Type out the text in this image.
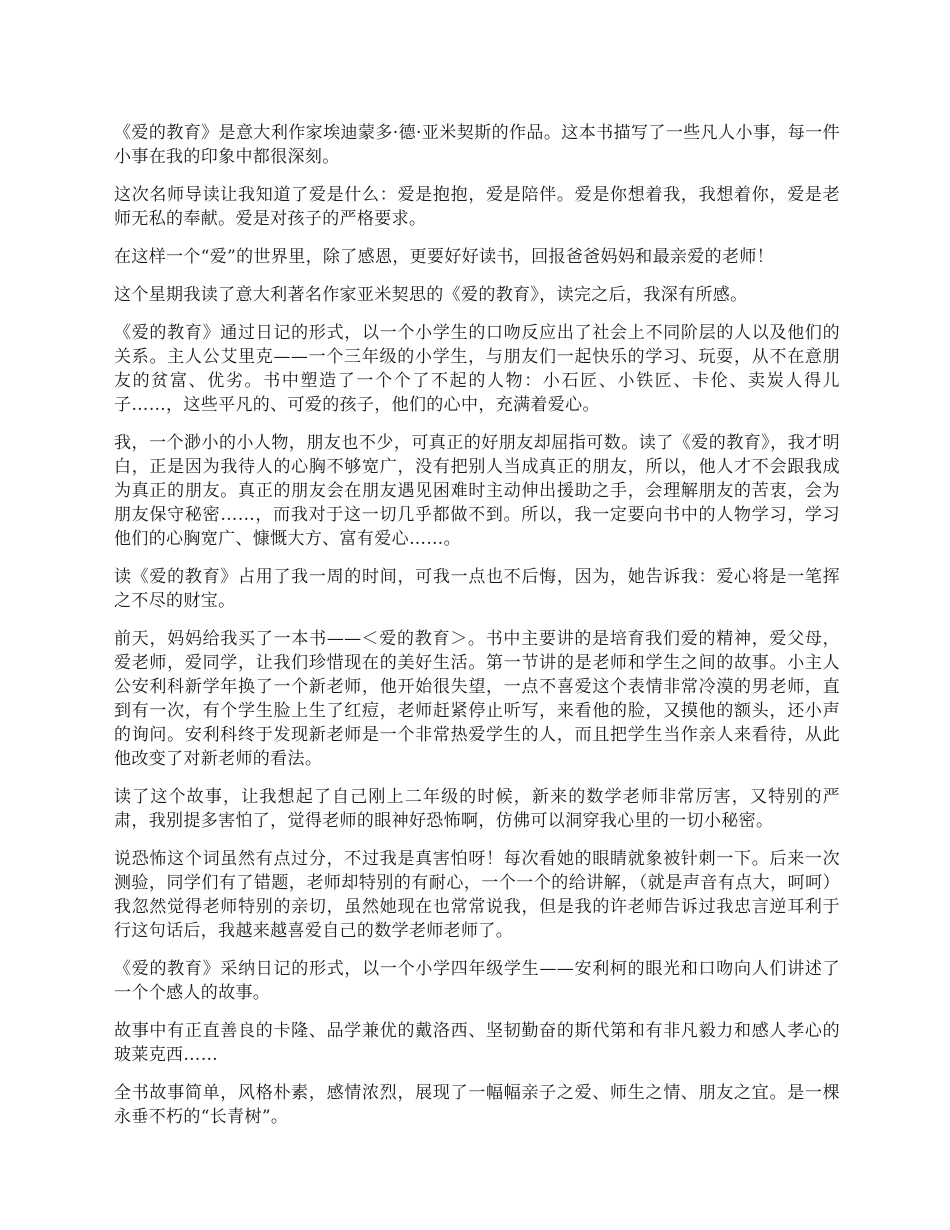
《爱的教育》是意大利作家埃迪蒙多·德·亚米契斯的作品。这本书描写了一些凡人小事，每一件小事在我的印象中都很深刻。

这次名师导读让我知道了爱是什么：爱是抱抱，爱是陪伴。爱是你想着我，我想着你，爱是老师无私的奉献。爱是对孩子的严格要求。

在这样一个“爱”的世界里，除了感恩，更要好好读书，回报爸爸妈妈和最亲爱的老师！

这个星期我读了意大利著名作家亚米契思的《爱的教育》，读完之后，我深有所感。

《爱的教育》通过日记的形式，以一个小学生的口吻反应出了社会上不同阶层的人以及他们的关系。主人公艾里克——一个三年级的小学生，与朋友们一起快乐的学习、玩耍，从不在意朋友的贫富、优劣。书中塑造了一个个了不起的人物：小石匠、小铁匠、卡伦、卖炭人得儿子……，这些平凡的、可爱的孩子，他们的心中，充满着爱心。

我，一个渺小的小人物，朋友也不少，可真正的好朋友却屈指可数。读了《爱的教育》，我才明白，正是因为我待人的心胸不够宽广，没有把别人当成真正的朋友，所以，他人才不会跟我成为真正的朋友。真正的朋友会在朋友遇见困难时主动伸出援助之手，会理解朋友的苦衷，会为朋友保守秘密……，而我对于这一切几乎都做不到。所以，我一定要向书中的人物学习，学习他们的心胸宽广、慷慨大方、富有爱心……。

读《爱的教育》占用了我一周的时间，可我一点也不后悔，因为，她告诉我：爱心将是一笔挥之不尽的财宝。

前天，妈妈给我买了一本书——＜爱的教育＞。书中主要讲的是培育我们爱的精神，爱父母，爱老师，爱同学，让我们珍惜现在的美好生活。第一节讲的是老师和学生之间的故事。小主人公安利科新学年换了一个新老师，他开始很失望，一点不喜爱这个表情非常冷漠的男老师，直到有一次，有个学生脸上生了红痘，老师赶紧停止听写，来看他的脸，又摸他的额头，还小声的询问。安利科终于发现新老师是一个非常热爱学生的人，而且把学生当作亲人来看待，从此他改变了对新老师的看法。

读了这个故事，让我想起了自己刚上二年级的时候，新来的数学老师非常厉害，又特别的严肃，我别提多害怕了，觉得老师的眼神好恐怖啊，仿佛可以洞穿我心里的一切小秘密。

说恐怖这个词虽然有点过分，不过我是真害怕呀！每次看她的眼睛就象被针刺一下。后来一次测验，同学们有了错题，老师却特别的有耐心，一个一个的给讲解，（就是声音有点大，呵呵）我忽然觉得老师特别的亲切，虽然她现在也常常说我，但是我的许老师告诉过我忠言逆耳利于行这句话后，我越来越喜爱自己的数学老师老师了。

《爱的教育》采纳日记的形式，以一个小学四年级学生——安利柯的眼光和口吻向人们讲述了一个个感人的故事。

故事中有正直善良的卡隆、品学兼优的戴洛西、坚韧勤奋的斯代第和有非凡毅力和感人孝心的玻莱克西……

全书故事简单，风格朴素，感情浓烈，展现了一幅幅亲子之爱、师生之情、朋友之宜。是一棵永垂不朽的“长青树”。
